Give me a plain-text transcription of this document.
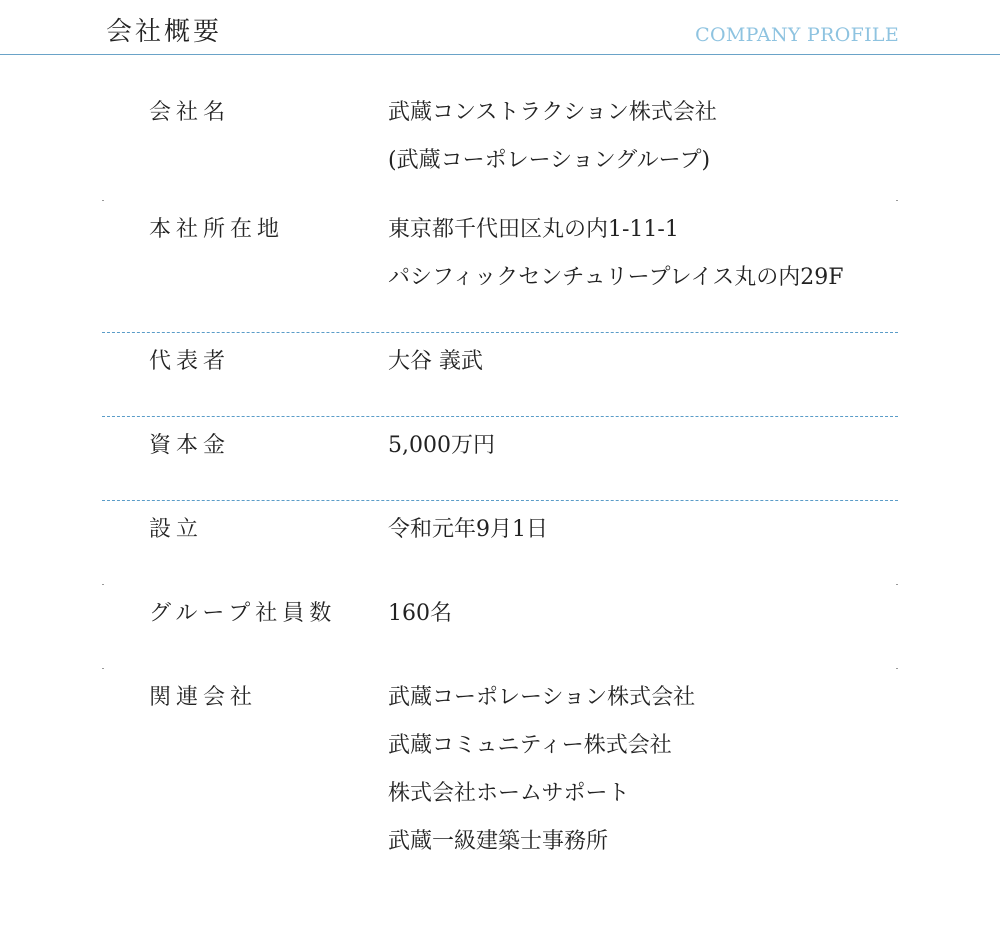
会社概要	COMPANY PROFILE
会社名	武蔵コンストラクション株式会社
(武蔵コーポレーショングループ)
本社所在地	東京都千代田区丸の内1-11-1
パシフィックセンチュリープレイス丸の内29F
代表者	大谷 義武
資本金	5,000万円
設立	令和元年9月1日
グループ社員数	160名
関連会社	武蔵コーポレーション株式会社
武蔵コミュニティー株式会社
株式会社ホームサポート
武蔵一級建築士事務所
